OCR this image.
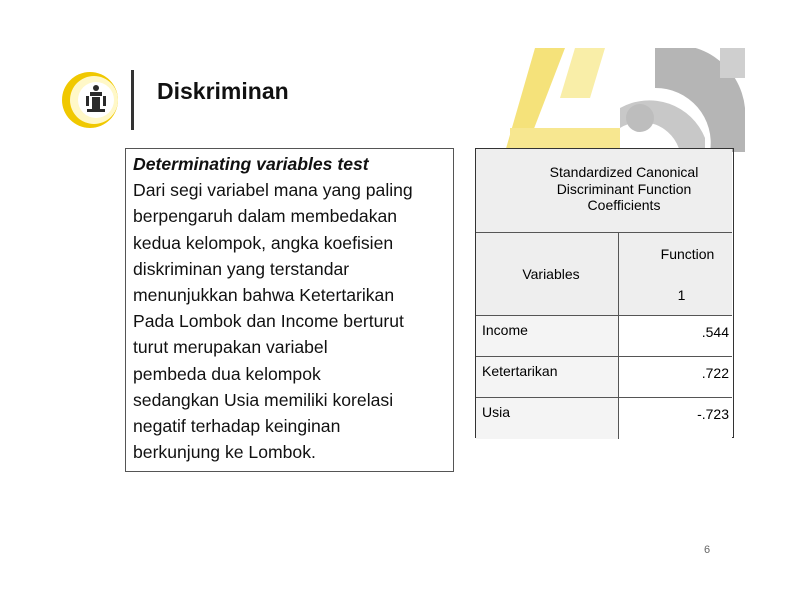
Diskriminan
Determinating variables test
Dari segi variabel mana yang paling
berpengaruh dalam membedakan
kedua kelompok, angka koefisien
diskriminan yang terstandar
menunjukkan bahwa Ketertarikan
Pada Lombok dan Income berturut
turut merupakan variabel
pembeda dua kelompok
sedangkan Usia memiliki korelasi
negatif terhadap keinginan
berkunjung ke Lombok.
Standardized Canonical
Discriminant Function
Coefficients
Variables
Function
1
Income	.544
Ketertarikan	.722
Usia	-.723
6
